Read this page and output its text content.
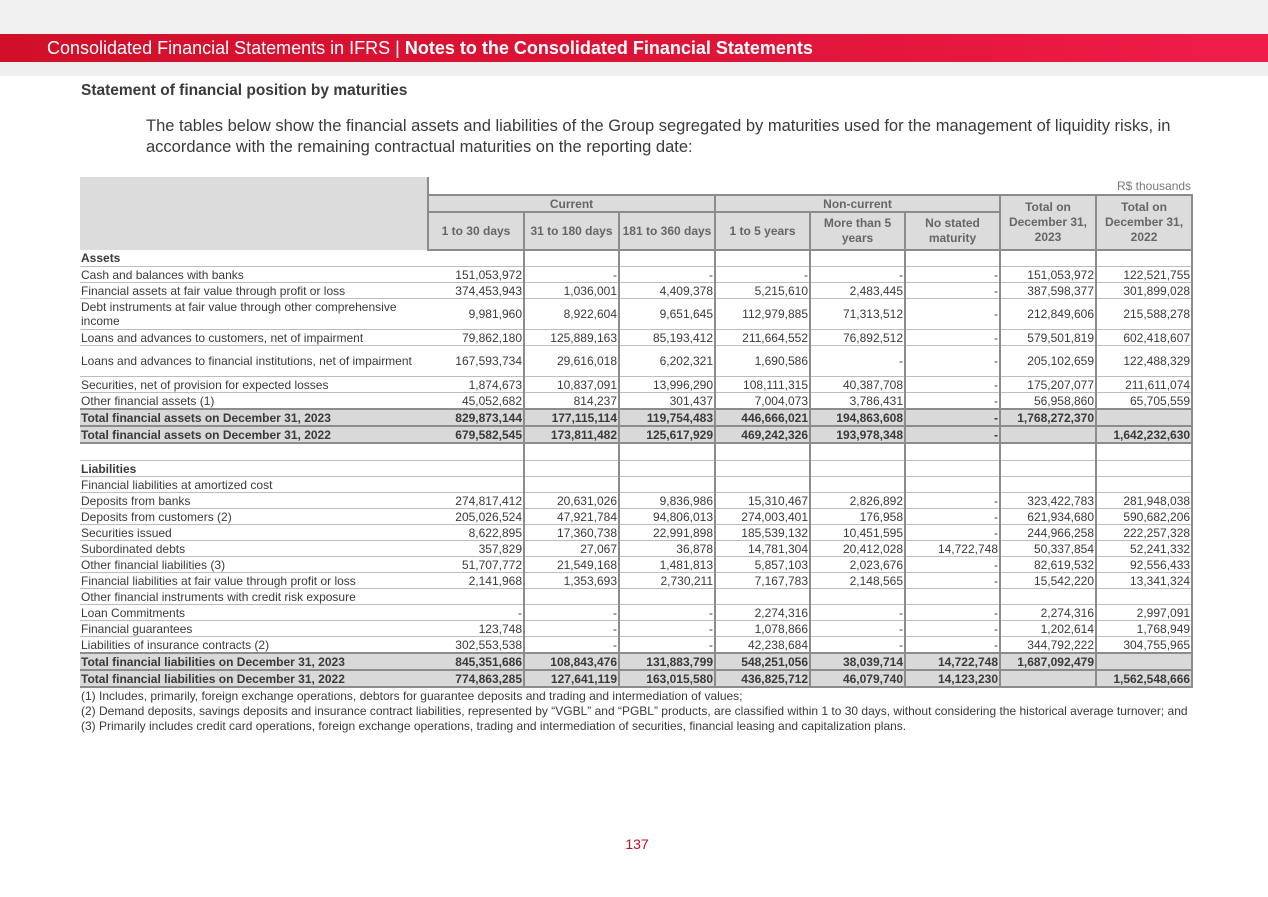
Consolidated Financial Statements in IFRS | Notes to the Consolidated Financial Statements
Statement of financial position by maturities
The tables below show the financial assets and liabilities of the Group segregated by maturities used for the management of liquidity risks, in accordance with the remaining contractual maturities on the reporting date:
	R$ thousands							
	Current			Non-current			Total on December 31, 2023	Total on December 31, 2022
	1 to 30 days	31 to 180 days	181 to 360 days	1 to 5 years	More than 5 years	No stated maturity		
Assets								
Cash and balances with banks	151,053,972	-	-	-	-	-	151,053,972	122,521,755
Financial assets at fair value through profit or loss	374,453,943	1,036,001	4,409,378	5,215,610	2,483,445	-	387,598,377	301,899,028
Debt instruments at fair value through other comprehensive income	9,981,960	8,922,604	9,651,645	112,979,885	71,313,512	-	212,849,606	215,588,278
Loans and advances to customers, net of impairment	79,862,180	125,889,163	85,193,412	211,664,552	76,892,512	-	579,501,819	602,418,607
Loans and advances to financial institutions, net of impairment	167,593,734	29,616,018	6,202,321	1,690,586	-	-	205,102,659	122,488,329
Securities, net of provision for expected losses	1,874,673	10,837,091	13,996,290	108,111,315	40,387,708	-	175,207,077	211,611,074
Other financial assets (1)	45,052,682	814,237	301,437	7,004,073	3,786,431	-	56,958,860	65,705,559
Total financial assets on December 31, 2023	829,873,144	177,115,114	119,754,483	446,666,021	194,863,608	-	1,768,272,370	
Total financial assets on December 31, 2022	679,582,545	173,811,482	125,617,929	469,242,326	193,978,348	-		1,642,232,630

Liabilities								
Financial liabilities at amortized cost								
Deposits from banks	274,817,412	20,631,026	9,836,986	15,310,467	2,826,892	-	323,422,783	281,948,038
Deposits from customers (2)	205,026,524	47,921,784	94,806,013	274,003,401	176,958	-	621,934,680	590,682,206
Securities issued	8,622,895	17,360,738	22,991,898	185,539,132	10,451,595	-	244,966,258	222,257,328
Subordinated debts	357,829	27,067	36,878	14,781,304	20,412,028	14,722,748	50,337,854	52,241,332
Other financial liabilities (3)	51,707,772	21,549,168	1,481,813	5,857,103	2,023,676	-	82,619,532	92,556,433
Financial liabilities at fair value through profit or loss	2,141,968	1,353,693	2,730,211	7,167,783	2,148,565	-	15,542,220	13,341,324
Other financial instruments with credit risk exposure								
Loan Commitments	-	-	-	2,274,316	-	-	2,274,316	2,997,091
Financial guarantees	123,748	-	-	1,078,866	-	-	1,202,614	1,768,949
Liabilities of insurance contracts (2)	302,553,538	-	-	42,238,684	-	-	344,792,222	304,755,965
Total financial liabilities on December 31, 2023	845,351,686	108,843,476	131,883,799	548,251,056	38,039,714	14,722,748	1,687,092,479	
Total financial liabilities on December 31, 2022	774,863,285	127,641,119	163,015,580	436,825,712	46,079,740	14,123,230		1,562,548,666
(1) Includes, primarily, foreign exchange operations, debtors for guarantee deposits and trading and intermediation of values;
(2) Demand deposits, savings deposits and insurance contract liabilities, represented by “VGBL” and “PGBL” products, are classified within 1 to 30 days, without considering the historical average turnover; and
(3) Primarily includes credit card operations, foreign exchange operations, trading and intermediation of securities, financial leasing and capitalization plans.
137
